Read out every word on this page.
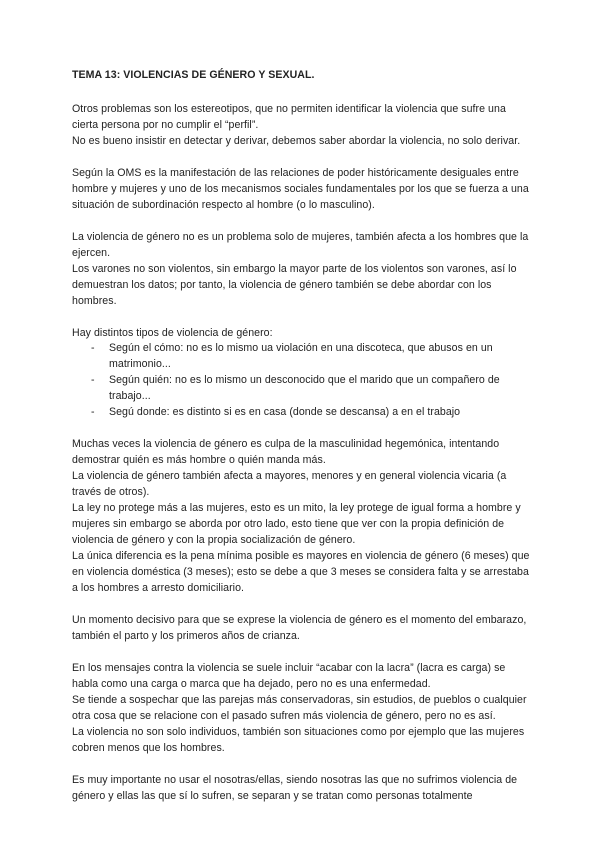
TEMA 13: VIOLENCIAS DE GÉNERO Y SEXUAL.
Otros problemas son los estereotipos, que no permiten identificar la violencia que sufre una cierta persona por no cumplir el “perfil”.
No es bueno insistir en detectar y derivar, debemos saber abordar la violencia, no solo derivar.
Según la OMS es la manifestación de las relaciones de poder históricamente desiguales entre hombre y mujeres y uno de los mecanismos sociales fundamentales por los que se fuerza a una situación de subordinación respecto al hombre (o lo masculino).
La violencia de género no es un problema solo de mujeres, también afecta a los hombres que la ejercen.
Los varones no son violentos, sin embargo la mayor parte de los violentos son varones, así lo demuestran los datos; por tanto, la violencia de género también se debe abordar con los hombres.
Hay distintos tipos de violencia de género:
- Según el cómo: no es lo mismo ua violación en una discoteca, que abusos en un matrimonio...
- Según quién: no es lo mismo un desconocido que el marido que un compañero de trabajo...
- Segú donde: es distinto si es en casa (donde se descansa) a en el trabajo
Muchas veces la violencia de género es culpa de la masculinidad hegemónica, intentando demostrar quién es más hombre o quién manda más.
La violencia de género también afecta a mayores, menores y en general violencia vicaria (a través de otros).
La ley no protege más a las mujeres, esto es un mito, la ley protege de igual forma a hombre y mujeres sin embargo se aborda por otro lado, esto tiene que ver con la propia definición de violencia de género y con la propia socialización de género.
La única diferencia es la pena mínima posible es mayores en violencia de género (6 meses) que en violencia doméstica (3 meses); esto se debe a que 3 meses se considera falta y se arrestaba a los hombres a arresto domiciliario.
Un momento decisivo para que se exprese la violencia de género es el momento del embarazo, también el parto y los primeros años de crianza.
En los mensajes contra la violencia se suele incluir “acabar con la lacra” (lacra es carga) se habla como una carga o marca que ha dejado, pero no es una enfermedad.
Se tiende a sospechar que las parejas más conservadoras, sin estudios, de pueblos o cualquier otra cosa que se relacione con el pasado sufren más violencia de género, pero no es así.
La violencia no son solo individuos, también son situaciones como por ejemplo que las mujeres cobren menos que los hombres.
Es muy importante no usar el nosotras/ellas, siendo nosotras las que no sufrimos violencia de género y ellas las que sí lo sufren, se separan y se tratan como personas totalmente
